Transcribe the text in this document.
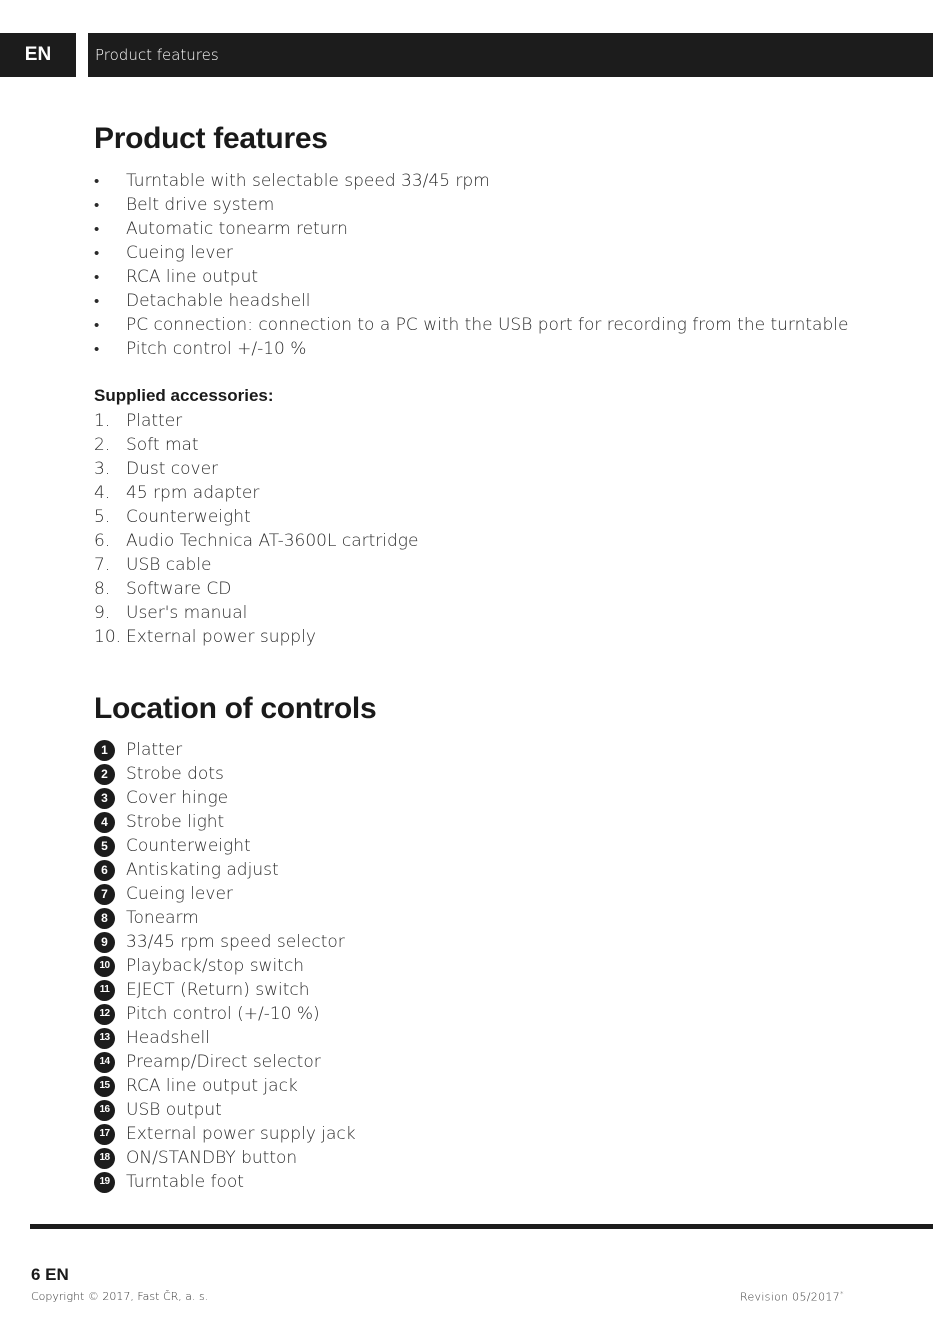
EN	Product features
Product features
•	Turntable with selectable speed 33/45 rpm
•	Belt drive system
•	Automatic tonearm return
•	Cueing lever
•	RCA line output
•	Detachable headshell
•	PC connection: connection to a PC with the USB port for recording from the turntable
•	Pitch control +/-10 %
Supplied accessories:
1. Platter
2. Soft mat
3. Dust cover
4. 45 rpm adapter
5. Counterweight
6. Audio Technica AT-3600L cartridge
7. USB cable
8. Software CD
9. User's manual
10. External power supply
Location of controls
1	Platter
2	Strobe dots
3	Cover hinge
4	Strobe light
5	Counterweight
6	Antiskating adjust
7	Cueing lever
8	Tonearm
9	33/45 rpm speed selector
10 Playback/stop switch
11 EJECT (Return) switch
12 Pitch control (+/-10 %)
13 Headshell
14 Preamp/Direct selector
15 RCA line output jack
16 USB output
17 External power supply jack
18 ON/STANDBY button
19 Turntable foot
6 EN
Copyright © 2017, Fast ČR, a. s.	Revision 05/2017*
